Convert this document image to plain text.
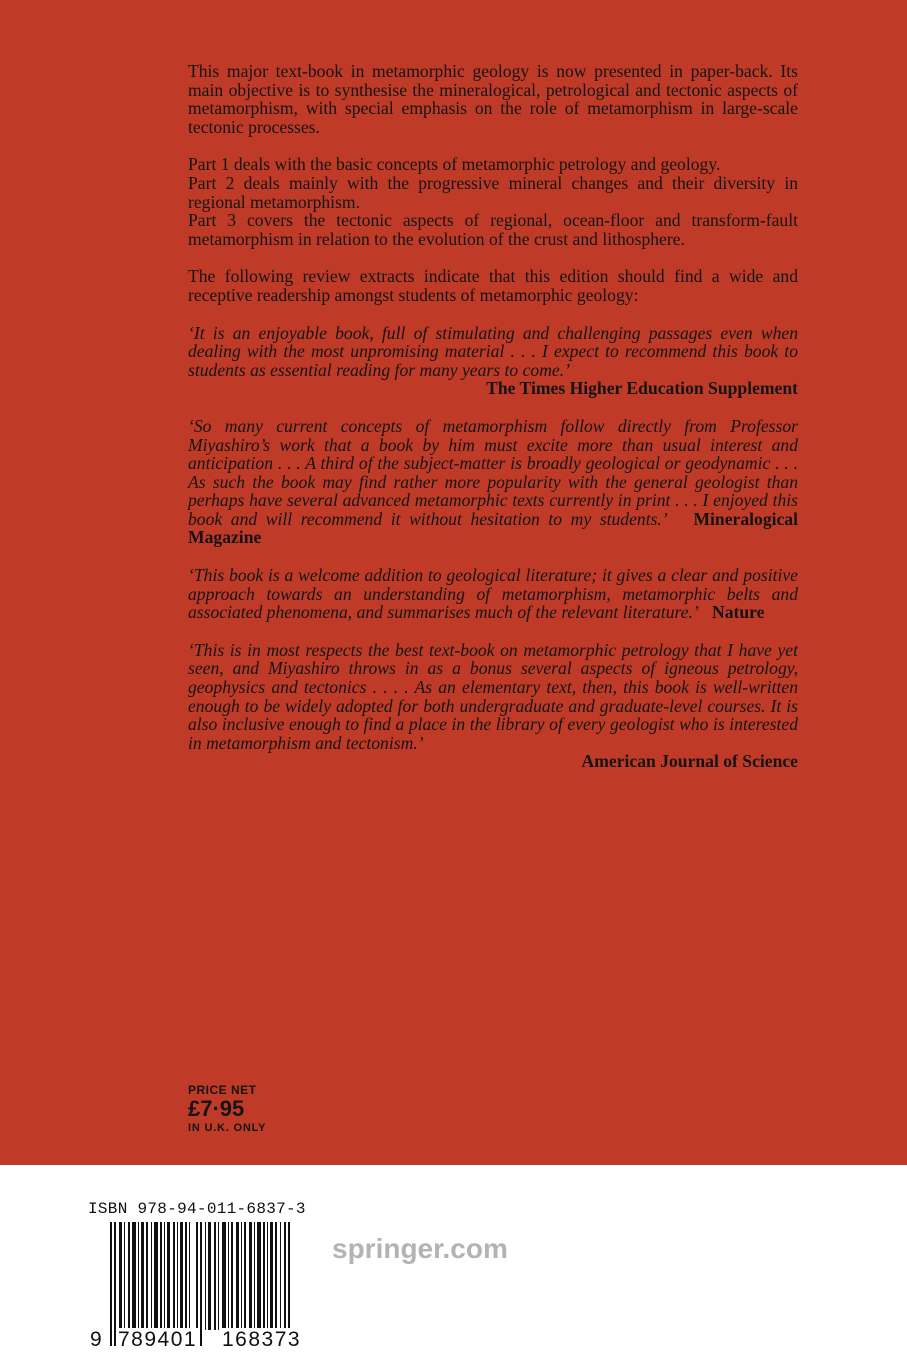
This major text-book in metamorphic geology is now presented in paper-back. Its main objective is to synthesise the mineralogical, petrological and tectonic aspects of metamorphism, with special emphasis on the role of metamorphism in large-scale tectonic processes.

Part 1 deals with the basic concepts of metamorphic petrology and geology.
Part 2 deals mainly with the progressive mineral changes and their diversity in regional metamorphism.
Part 3 covers the tectonic aspects of regional, ocean-floor and transform-fault metamorphism in relation to the evolution of the crust and lithosphere.

The following review extracts indicate that this edition should find a wide and receptive readership amongst students of metamorphic geology:

‘It is an enjoyable book, full of stimulating and challenging passages even when dealing with the most unpromising material . . . I expect to recommend this book to students as essential reading for many years to come.’

The Times Higher Education Supplement

‘So many current concepts of metamorphism follow directly from Professor Miyashiro’s work that a book by him must excite more than usual interest and anticipation . . . A third of the subject-matter is broadly geological or geodynamic . . . As such the book may find rather more popularity with the general geologist than perhaps have several advanced metamorphic texts currently in print . . . I enjoyed this book and will recommend it without hesitation to my students.’ Mineralogical Magazine

‘This book is a welcome addition to geological literature; it gives a clear and positive approach towards an understanding of metamorphism, metamorphic belts and associated phenomena, and summarises much of the relevant literature.’ Nature

‘This is in most respects the best text-book on metamorphic petrology that I have yet seen, and Miyashiro throws in as a bonus several aspects of igneous petrology, geophysics and tectonics . . . . As an elementary text, then, this book is well-written enough to be widely adopted for both undergraduate and graduate-level courses. It is also inclusive enough to find a place in the library of every geologist who is interested in metamorphism and tectonism.’

American Journal of Science

PRICE NET
£7·95
IN U.K. ONLY
ISBN 978-94-011-6837-3
9 789401 168373
springer.com
